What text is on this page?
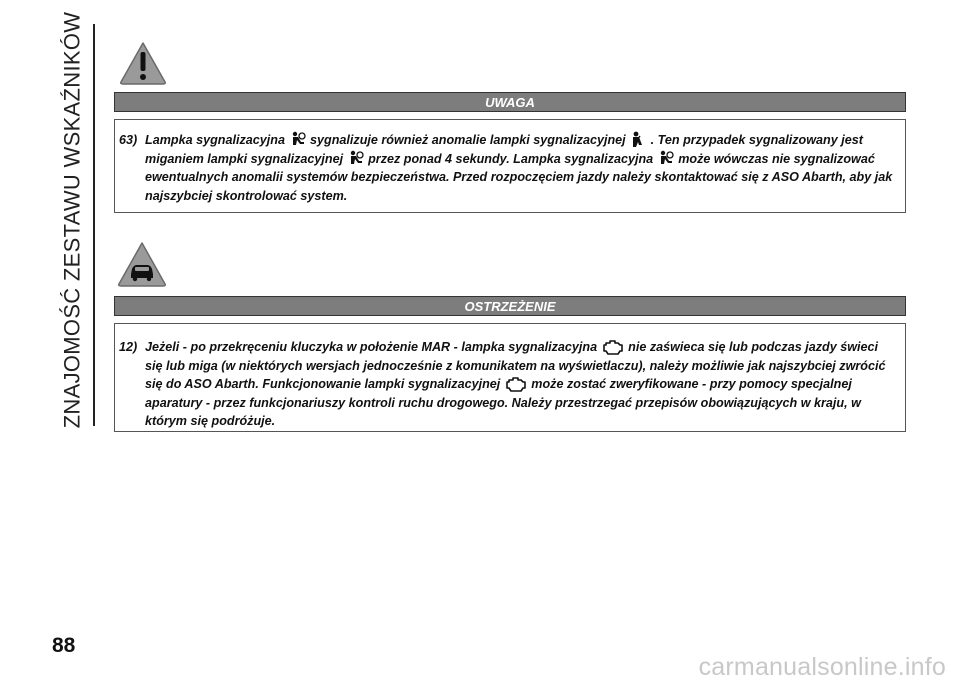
ZNAJOMOŚĆ ZESTAWU WSKAŹNIKÓW	UWAGA
63) Lampka sygnalizacyjna sygnalizuje również anomalie lampki sygnalizacyjnej . Ten przypadek sygnalizowany jest miganiem lampki sygnalizacyjnej przez ponad 4 sekundy. Lampka sygnalizacyjna może wówczas nie sygnalizować ewentualnych anomalii systemów bezpieczeństwa. Przed rozpoczęciem jazdy należy skontaktować się z ASO Abarth, aby jak najszybciej skontrolować system.
OSTRZEŻENIE
12) Jeżeli - po przekręceniu kluczyka w położenie MAR - lampka sygnalizacyjna nie zaświeca się lub podczas jazdy świeci się lub miga (w niektórych wersjach jednocześnie z komunikatem na wyświetlaczu), należy możliwie jak najszybciej zwrócić się do ASO Abarth. Funkcjonowanie lampki sygnalizacyjnej może zostać zweryfikowane - przy pomocy specjalnej aparatury - przez funkcjonariuszy kontroli ruchu drogowego. Należy przestrzegać przepisów obowiązujących w kraju, w którym się podróżuje.
88
carmanualsonline.info
